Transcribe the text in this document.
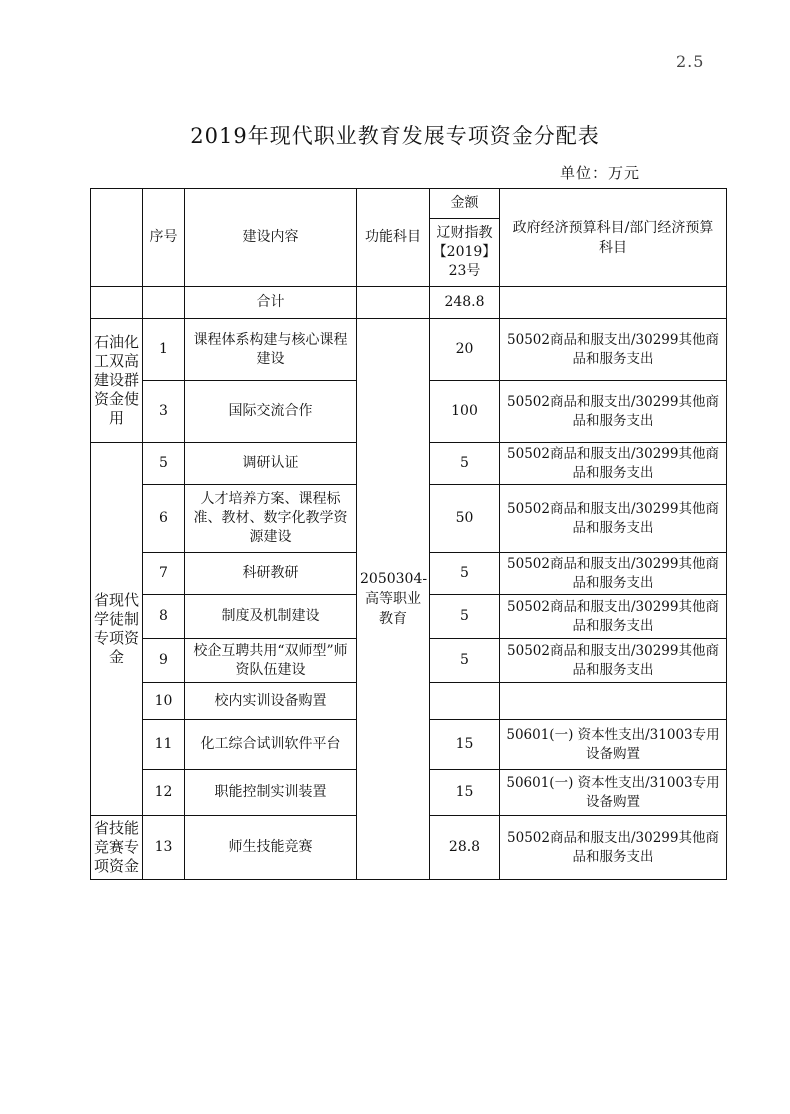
2.5
2019年现代职业教育发展专项资金分配表
单位：万元
	序号	建设内容	功能科目	金额	政府经济预算科目/部门经济预算科目
				辽财指教【2019】23号	
		合计		248.8	
石油化工双高建设群资金使用	1	课程体系构建与核心课程建设	2050304-高等职业教育	20	50502商品和服支出/30299其他商品和服务支出
	3	国际交流合作		100	50502商品和服支出/30299其他商品和服务支出
省现代学徒制专项资金	5	调研认证		5	50502商品和服支出/30299其他商品和服务支出
	6	人才培养方案、课程标准、教材、数字化教学资源建设		50	50502商品和服支出/30299其他商品和服务支出
	7	科研教研		5	50502商品和服支出/30299其他商品和服务支出
	8	制度及机制建设		5	50502商品和服支出/30299其他商品和服务支出
	9	校企互聘共用“双师型”师资队伍建设		5	50502商品和服支出/30299其他商品和服务支出
	10	校内实训设备购置			
	11	化工综合试训软件平台		15	50601(一) 资本性支出/31003专用设备购置
	12	职能控制实训装置		15	50601(一) 资本性支出/31003专用设备购置
省技能竞赛专项资金	13	师生技能竞赛		28.8	50502商品和服支出/30299其他商品和服务支出
